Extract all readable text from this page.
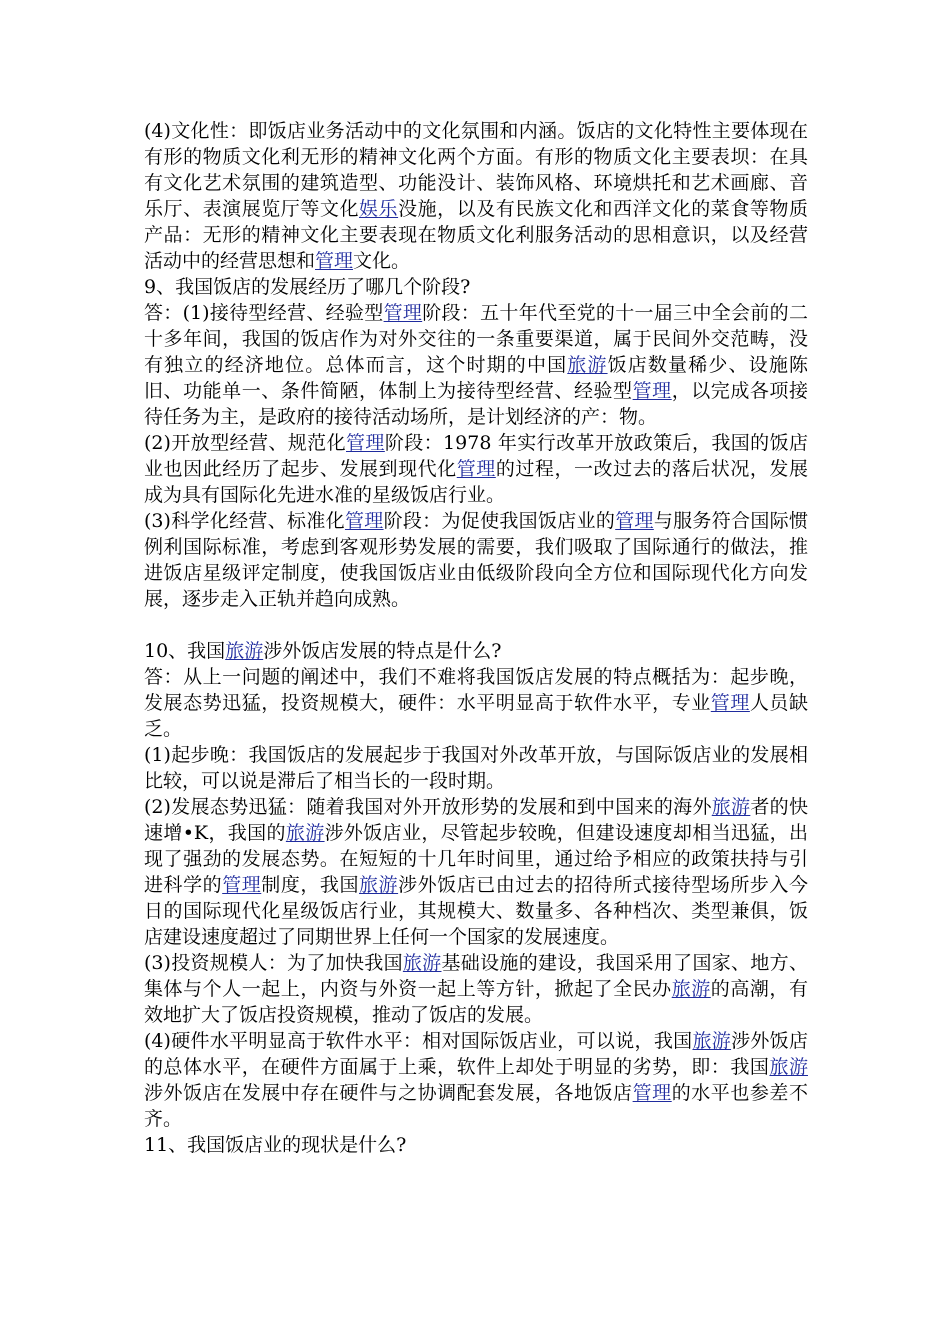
(4)文化性：即饭店业务活动中的文化氛围和内涵。饭店的文化特性主要体现在有形的物质文化利无形的精神文化两个方面。有形的物质文化主要表坝：在具有文化艺术氛围的建筑造型、功能没计、装饰风格、环境烘托和艺术画廊、音乐厅、表演展览厅等文化娱乐没施，以及有民族文化和西洋文化的菜食等物质产品：无形的精神文化主要表现在物质文化利服务活动的思相意识，以及经营活动中的经营思想和管理文化。

9、我国饭店的发展经历了哪几个阶段?

答：(1)接待型经营、经验型管理阶段：五十年代至党的十一届三中全会前的二十多年间，我国的饭店作为对外交往的一条重要渠道，属于民间外交范畴，没有独立的经济地位。总体而言，这个时期的中国旅游饭店数量稀少、设施陈旧、功能单一、条件简陋，体制上为接待型经营、经验型管理，以完成各项接待任务为主，是政府的接待活动场所，是计划经济的产：物。

(2)开放型经营、规范化管理阶段：1978 年实行改革开放政策后，我国的饭店业也因此经历了起步、发展到现代化管理的过程，一改过去的落后状况，发展成为具有国际化先进水准的星级饭店行业。

(3)科学化经营、标准化管理阶段：为促使我国饭店业的管理与服务符合国际惯例利国际标准，考虑到客观形势发展的需要，我们吸取了国际通行的做法，推进饭店星级评定制度，使我国饭店业由低级阶段向全方位和国际现代化方向发展，逐步走入正轨并趋向成熟。

10、我国旅游涉外饭店发展的特点是什么?

答：从上一问题的阐述中，我们不难将我国饭店发展的特点概括为：起步晚，发展态势迅猛，投资规模大，硬件：水平明显高于软件水平，专业管理人员缺乏。

(1)起步晚：我国饭店的发展起步于我国对外改革开放，与国际饭店业的发展相比较，可以说是滞后了相当长的一段时期。

(2)发展态势迅猛：随着我国对外开放形势的发展和到中国来的海外旅游者的快速增•K，我国的旅游涉外饭店业，尽管起步较晚，但建设速度却相当迅猛，出现了强劲的发展态势。在短短的十几年时间里，通过给予相应的政策扶持与引进科学的管理制度，我国旅游涉外饭店已由过去的招待所式接待型场所步入今日的国际现代化星级饭店行业，其规模大、数量多、各种档次、类型兼俱，饭店建设速度超过了同期世界上任何一个国家的发展速度。

(3)投资规模人：为了加快我国旅游基础设施的建设，我国采用了国家、地方、集体与个人一起上，内资与外资一起上等方针，掀起了全民办旅游的高潮，有效地扩大了饭店投资规模，推动了饭店的发展。

(4)硬件水平明显高于软件水平：相对国际饭店业，可以说，我国旅游涉外饭店的总体水平，在硬件方面属于上乘，软件上却处于明显的劣势，即：我国旅游涉外饭店在发展中存在硬件与之协调配套发展，各地饭店管理的水平也参差不齐。

11、我国饭店业的现状是什么?
